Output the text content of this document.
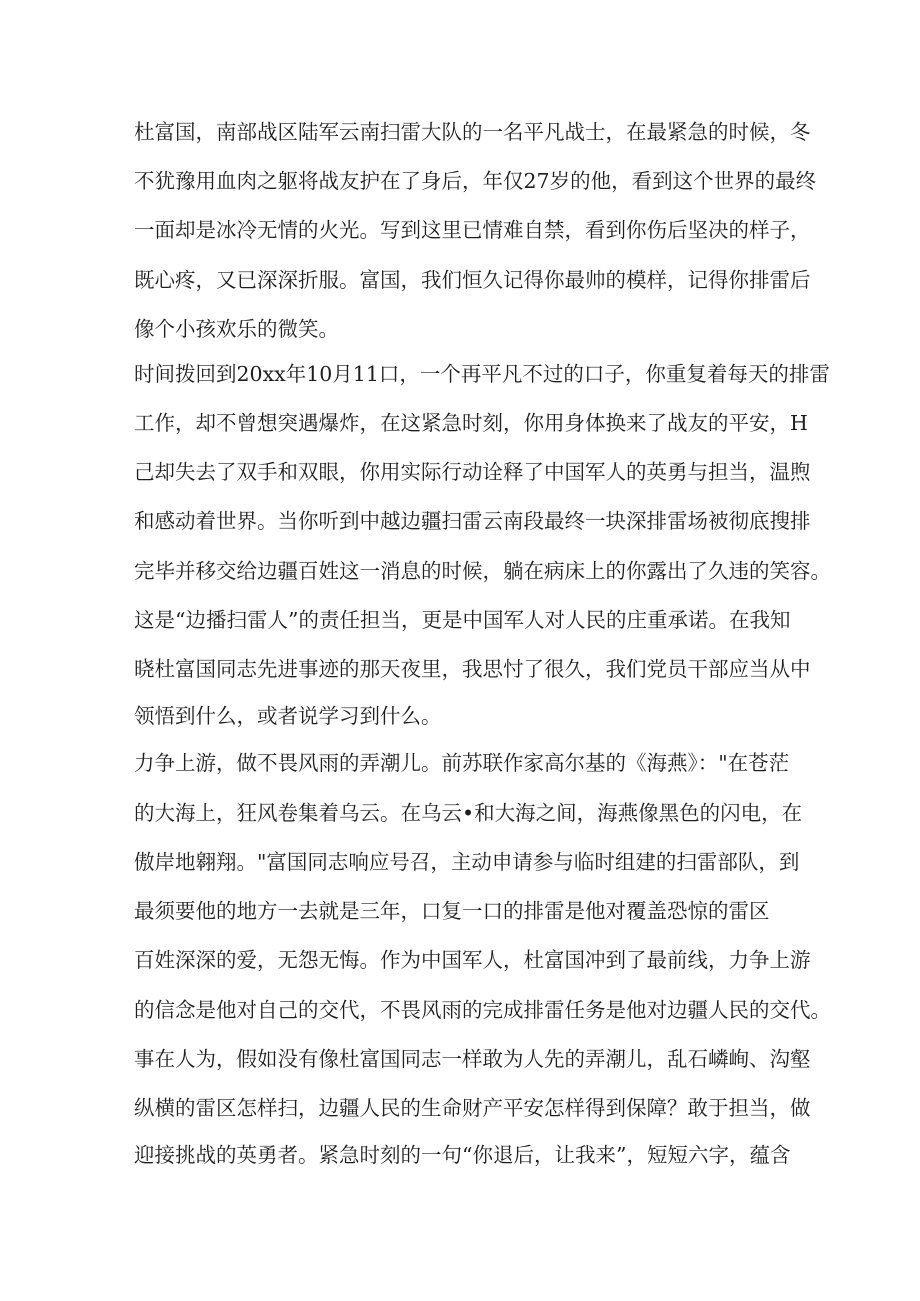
杜富国，南部战区陆军云南扫雷大队的一名平凡战士，在最紧急的时候，冬
不犹豫用血肉之躯将战友护在了身后，年仅27岁的他，看到这个世界的最终
一面却是冰冷无情的火光。写到这里已情难自禁，看到你伤后坚决的样子，
既心疼，又已深深折服。富国，我们恒久记得你最帅的模样，记得你排雷后
像个小孩欢乐的微笑。
时间拨回到20xx年10月11口，一个再平凡不过的口子，你重复着每天的排雷
工作，却不曾想突遇爆炸，在这紧急时刻，你用身体换来了战友的平安，H
己却失去了双手和双眼，你用实际行动诠释了中国军人的英勇与担当，温煦
和感动着世界。当你听到中越边疆扫雷云南段最终一块深排雷场被彻底搜排
完毕并移交给边疆百姓这一消息的时候，躺在病床上的你露出了久违的笑容。
这是“边播扫雷人”的责任担当，更是中国军人对人民的庄重承诺。在我知
晓杜富国同志先进事迹的那天夜里，我思忖了很久，我们党员干部应当从中
领悟到什么，或者说学习到什么。
力争上游，做不畏风雨的弄潮儿。前苏联作家高尔基的《海燕》："在苍茫
的大海上，狂风卷集着乌云。在乌云•和大海之间，海燕像黑色的闪电，在
傲岸地翱翔。"富国同志响应号召，主动申请参与临时组建的扫雷部队，到
最须要他的地方一去就是三年，口复一口的排雷是他对覆盖恐惊的雷区
百姓深深的爱，无怨无悔。作为中国军人，杜富国冲到了最前线，力争上游
的信念是他对自己的交代，不畏风雨的完成排雷任务是他对边疆人民的交代。
事在人为，假如没有像杜富国同志一样敢为人先的弄潮儿，乱石嶙峋、沟壑
纵横的雷区怎样扫，边疆人民的生命财产平安怎样得到保障？敢于担当，做
迎接挑战的英勇者。紧急时刻的一句“你退后，让我来”，短短六字，蕴含
